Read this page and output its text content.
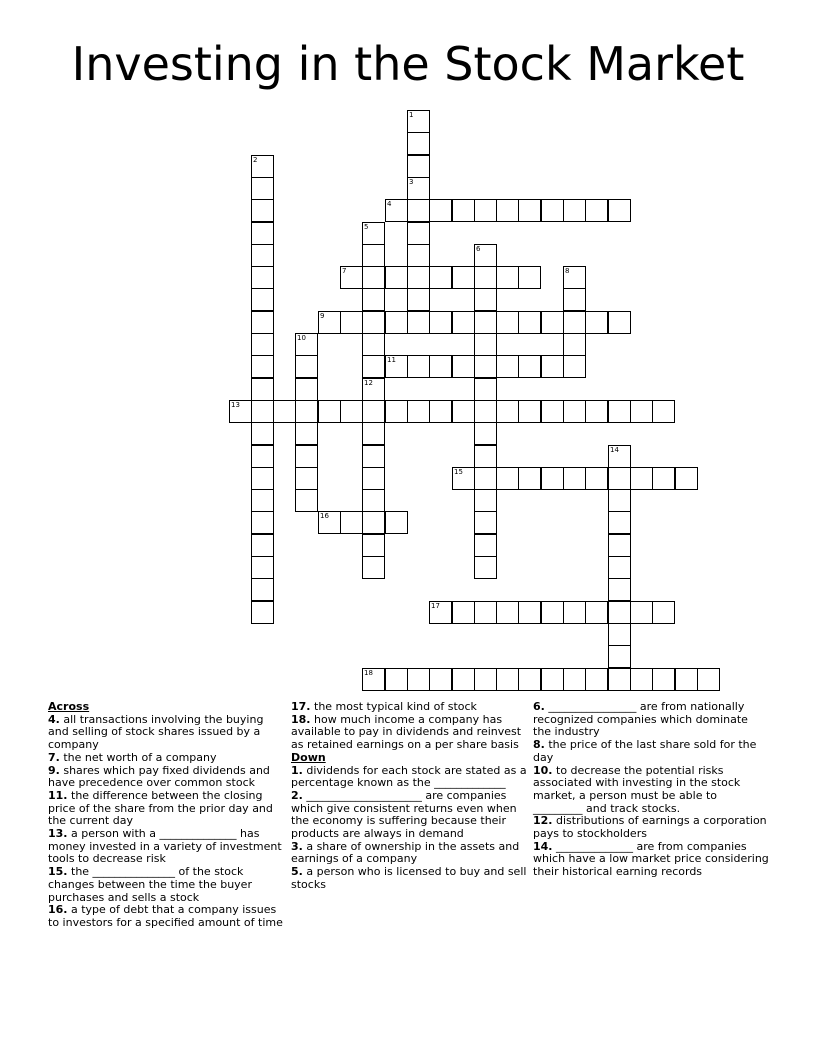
Investing in the Stock Market
1
3
2
4
5
6
7	8
9
10
11
12
13
14
15
16
17
18
Across
4. all transactions involving the buying and selling of stock shares issued by a company
7. the net worth of a company
9. shares which pay fixed dividends and have precedence over common stock
11. the difference between the closing price of the share from the prior day and the current day
13. a person with a ______________ has money invested in a variety of investment tools to decrease risk
15. the _______________ of the stock changes between the time the buyer purchases and sells a stock
16. a type of debt that a company issues to investors for a specified amount of time
17. the most typical kind of stock
18. how much income a company has available to pay in dividends and reinvest as retained earnings on a per share basis
Down
1. dividends for each stock are stated as a percentage known as the _____________
2. _____________________ are companies which give consistent returns even when the economy is suffering because their products are always in demand
3. a share of ownership in the assets and earnings of a company
5. a person who is licensed to buy and sell stocks
6. ________________ are from nationally recognized companies which dominate the industry
8. the price of the last share sold for the day
10. to decrease the potential risks associated with investing in the stock market, a person must be able to _________ and track stocks.
12. distributions of earnings a corporation pays to stockholders
14. ______________ are from companies which have a low market price considering their historical earning records
